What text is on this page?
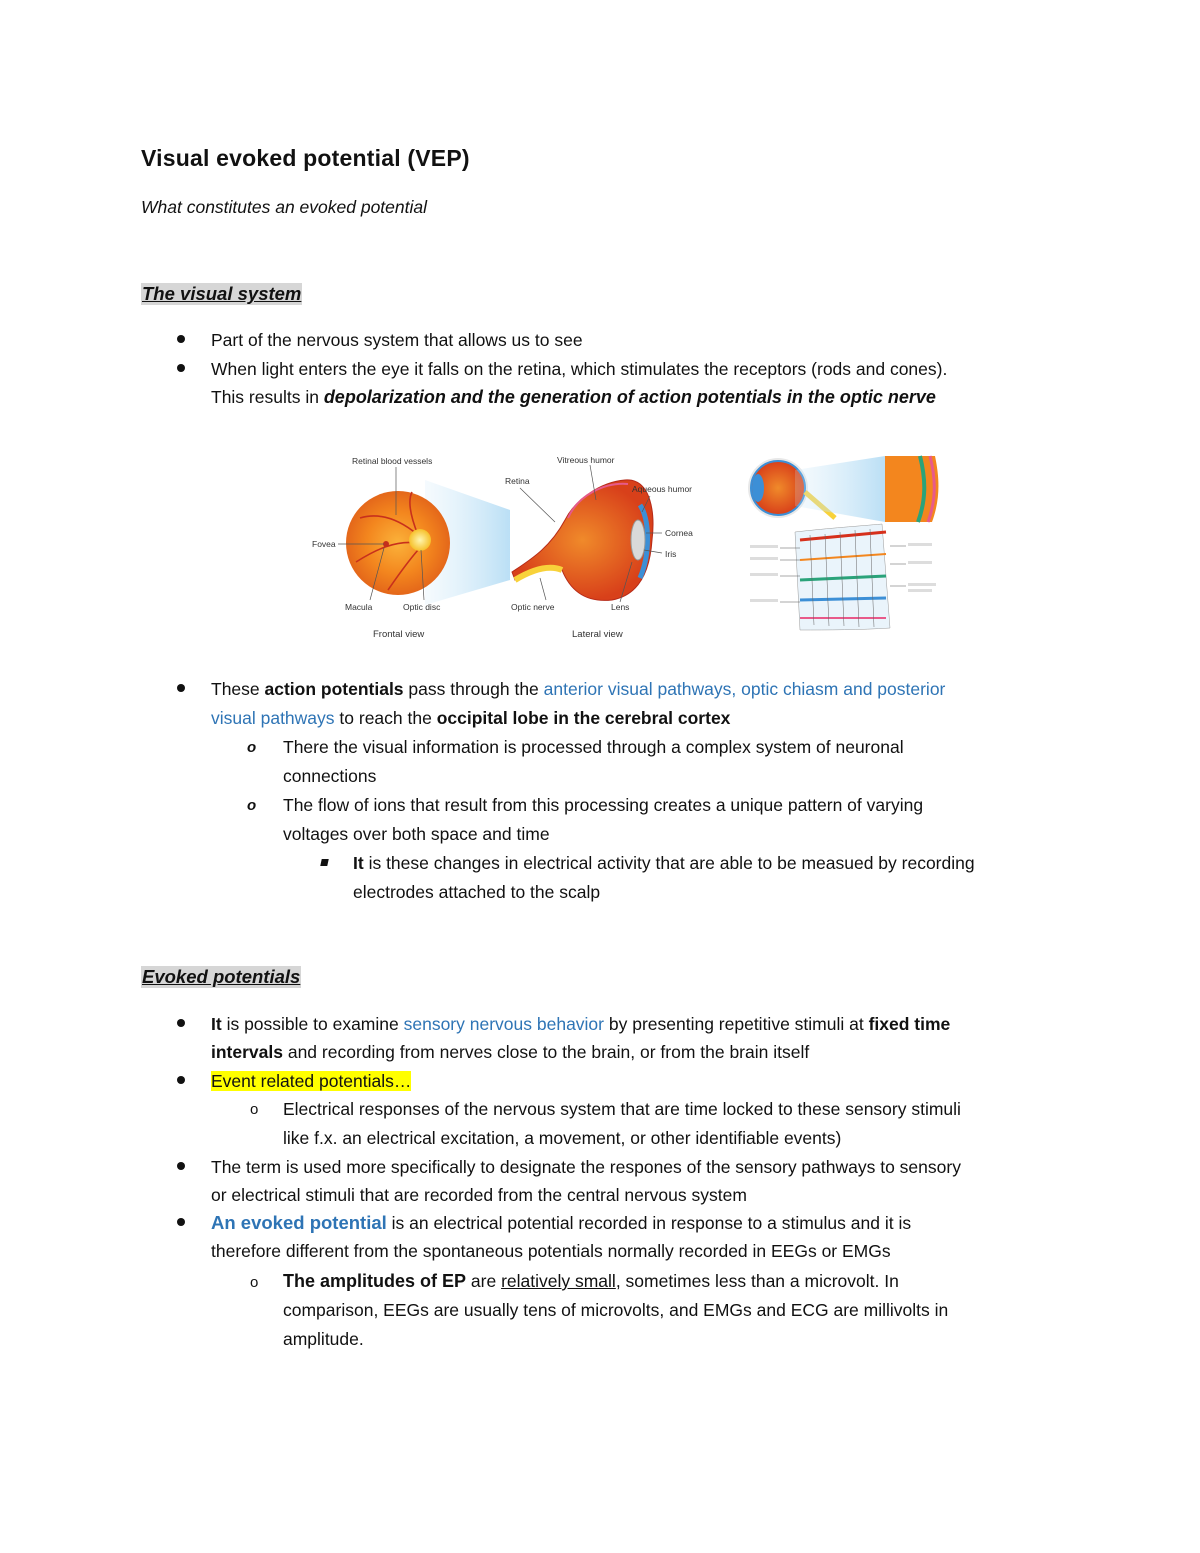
Visual evoked potential (VEP)

What constitutes an evoked potential

The visual system

Part of the nervous system that allows us to see

When light enters the eye it falls on the retina, which stimulates the receptors (rods and cones).

This results in depolarization and the generation of action potentials in the optic nerve

Retinal blood vessels
Fovea
Macula	Optic disc
Frontal view
Vitreous humor
Retina
Aqueous humor
Cornea
Iris
Optic nerve	Lens
Lateral view

These action potentials pass through the anterior visual pathways, optic chiasm and posterior

visual pathways to reach the occipital lobe in the cerebral cortex

o There the visual information is processed through a complex system of neuronal

connections

o The flow of ions that result from this processing creates a unique pattern of varying

voltages over both space and time

It is these changes in electrical activity that are able to be measued by recording

electrodes attached to the scalp

Evoked potentials

It is possible to examine sensory nervous behavior by presenting repetitive stimuli at fixed time

intervals and recording from nerves close to the brain, or from the brain itself

Event related potentials…

o Electrical responses of the nervous system that are time locked to these sensory stimuli

like f.x. an electrical excitation, a movement, or other identifiable events)

The term is used more specifically to designate the respones of the sensory pathways to sensory

or electrical stimuli that are recorded from the central nervous system

An evoked potential is an electrical potential recorded in response to a stimulus and it is

therefore different from the spontaneous potentials normally recorded in EEGs or EMGs

o The amplitudes of EP are relatively small, sometimes less than a microvolt. In

comparison, EEGs are usually tens of microvolts, and EMGs and ECG are millivolts in

amplitude.
